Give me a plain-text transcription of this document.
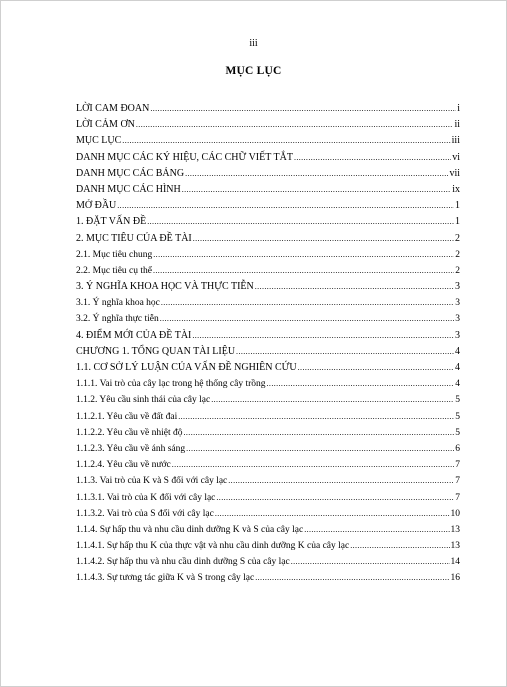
iii
MỤC LỤC
LỜI CAM ĐOAN .....	i
LỜI CẢM ƠN .....	ii
MỤC LỤC .....	iii
DANH MỤC CÁC KÝ HIỆU, CÁC CHỮ VIẾT TẮT .....	vi
DANH MỤC CÁC BẢNG .....	vii
DANH MỤC CÁC HÌNH .....	ix
MỞ ĐẦU .....	1
1. ĐẶT VẤN ĐỀ .....	1
2. MỤC TIÊU CỦA ĐỀ TÀI .....	2
2.1. Mục tiêu chung .....	2
2.2. Mục tiêu cụ thể .....	2
3. Ý NGHĨA KHOA HỌC VÀ THỰC TIỄN .....	3
3.1. Ý nghĩa khoa học .....	3
3.2. Ý nghĩa thực tiễn .....	3
4. ĐIỂM MỚI CỦA ĐỀ TÀI .....	3
CHƯƠNG 1. TỔNG QUAN TÀI LIỆU .....	4
1.1. CƠ SỞ LÝ LUẬN CỦA VẤN ĐỀ NGHIÊN CỨU .....	4
1.1.1. Vai trò của cây lạc trong hệ thống cây trồng .....	4
1.1.2. Yêu cầu sinh thái của cây lạc .....	5
1.1.2.1. Yêu cầu về đất đai .....	5
1.1.2.2. Yêu cầu về nhiệt độ .....	5
1.1.2.3. Yêu cầu về ánh sáng .....	6
1.1.2.4. Yêu cầu về nước .....	7
1.1.3. Vai trò của K và S đối với cây lạc .....	7
1.1.3.1. Vai trò của K đối với cây lạc .....	7
1.1.3.2. Vai trò của S đối với cây lạc .....	10
1.1.4. Sự hấp thu và nhu cầu dinh dưỡng K và S của cây lạc .....	13
1.1.4.1. Sự hấp thu K của thực vật và nhu cầu dinh dưỡng K của cây lạc .....	13
1.1.4.2. Sự hấp thu và nhu cầu dinh dưỡng S của cây lạc .....	14
1.1.4.3. Sự tương tác giữa K và S trong cây lạc .....	16
